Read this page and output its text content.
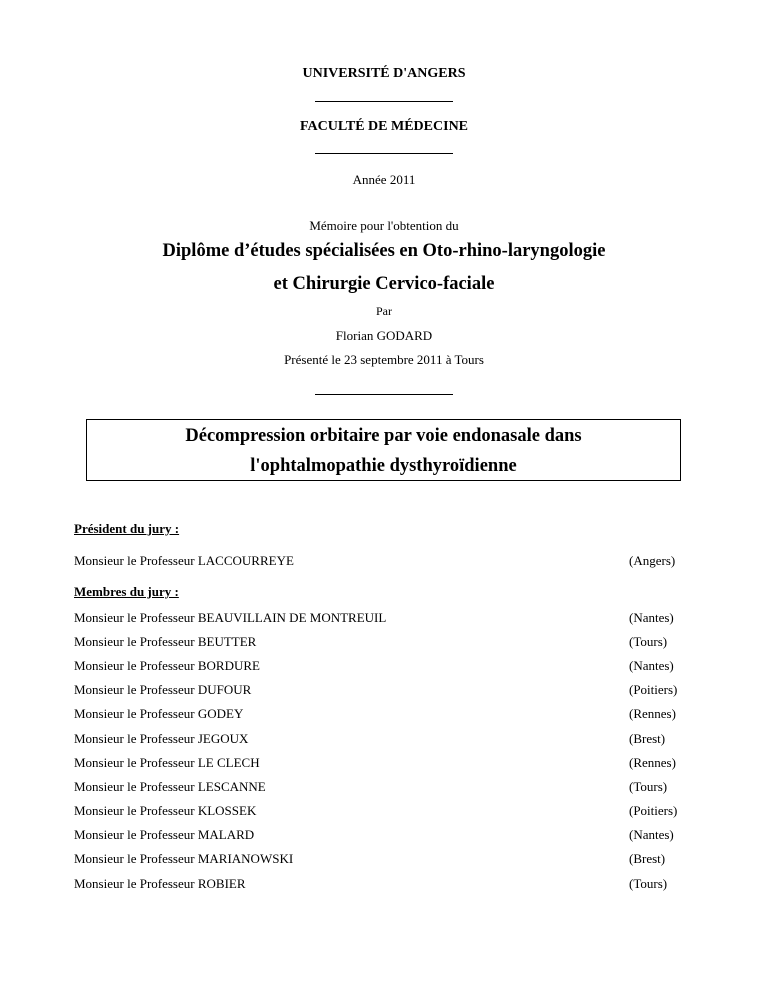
UNIVERSITÉ D'ANGERS
FACULTÉ DE MÉDECINE
Année 2011
Mémoire pour l'obtention du
Diplôme d’études spécialisées en Oto-rhino-laryngologie
et Chirurgie Cervico-faciale
Par
Florian GODARD
Présenté le 23 septembre 2011 à Tours
Décompression orbitaire par voie endonasale dans
l'ophtalmopathie dysthyroïdienne
Président du jury :
Monsieur le Professeur LACCOURREYE	(Angers)
Membres du jury :
Monsieur le Professeur BEAUVILLAIN DE MONTREUIL	(Nantes)
Monsieur le Professeur BEUTTER	(Tours)
Monsieur le Professeur BORDURE	(Nantes)
Monsieur le Professeur DUFOUR	(Poitiers)
Monsieur le Professeur GODEY	(Rennes)
Monsieur le Professeur JEGOUX	(Brest)
Monsieur le Professeur LE CLECH	(Rennes)
Monsieur le Professeur LESCANNE	(Tours)
Monsieur le Professeur KLOSSEK	(Poitiers)
Monsieur le Professeur MALARD	(Nantes)
Monsieur le Professeur MARIANOWSKI	(Brest)
Monsieur le Professeur ROBIER	(Tours)
